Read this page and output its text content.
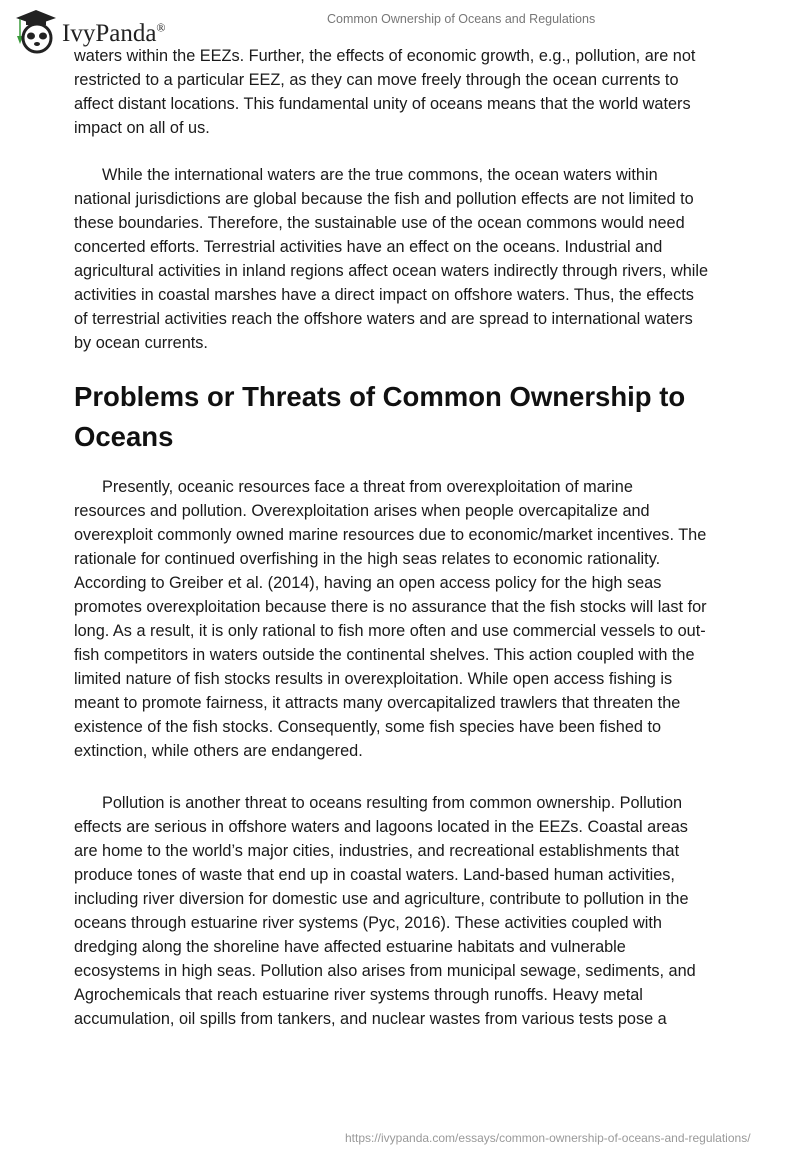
IvyPanda®
Common Ownership of Oceans and Regulations

waters within the EEZs. Further, the effects of economic growth, e.g., pollution, are not
restricted to a particular EEZ, as they can move freely through the ocean currents to
affect distant locations. This fundamental unity of oceans means that the world waters
impact on all of us.

While the international waters are the true commons, the ocean waters within
national jurisdictions are global because the fish and pollution effects are not limited to
these boundaries. Therefore, the sustainable use of the ocean commons would need
concerted efforts. Terrestrial activities have an effect on the oceans. Industrial and
agricultural activities in inland regions affect ocean waters indirectly through rivers, while
activities in coastal marshes have a direct impact on offshore waters. Thus, the effects
of terrestrial activities reach the offshore waters and are spread to international waters
by ocean currents.

Problems or Threats of Common Ownership to
Oceans

Presently, oceanic resources face a threat from overexploitation of marine
resources and pollution. Overexploitation arises when people overcapitalize and
overexploit commonly owned marine resources due to economic/market incentives. The
rationale for continued overfishing in the high seas relates to economic rationality.
According to Greiber et al. (2014), having an open access policy for the high seas
promotes overexploitation because there is no assurance that the fish stocks will last for
long. As a result, it is only rational to fish more often and use commercial vessels to out-
fish competitors in waters outside the continental shelves. This action coupled with the
limited nature of fish stocks results in overexploitation. While open access fishing is
meant to promote fairness, it attracts many overcapitalized trawlers that threaten the
existence of the fish stocks. Consequently, some fish species have been fished to
extinction, while others are endangered.

Pollution is another threat to oceans resulting from common ownership. Pollution
effects are serious in offshore waters and lagoons located in the EEZs. Coastal areas
are home to the world’s major cities, industries, and recreational establishments that
produce tones of waste that end up in coastal waters. Land-based human activities,
including river diversion for domestic use and agriculture, contribute to pollution in the
oceans through estuarine river systems (Pyc, 2016). These activities coupled with
dredging along the shoreline have affected estuarine habitats and vulnerable
ecosystems in high seas. Pollution also arises from municipal sewage, sediments, and
Agrochemicals that reach estuarine river systems through runoffs. Heavy metal
accumulation, oil spills from tankers, and nuclear wastes from various tests pose a

https://ivypanda.com/essays/common-ownership-of-oceans-and-regulations/
